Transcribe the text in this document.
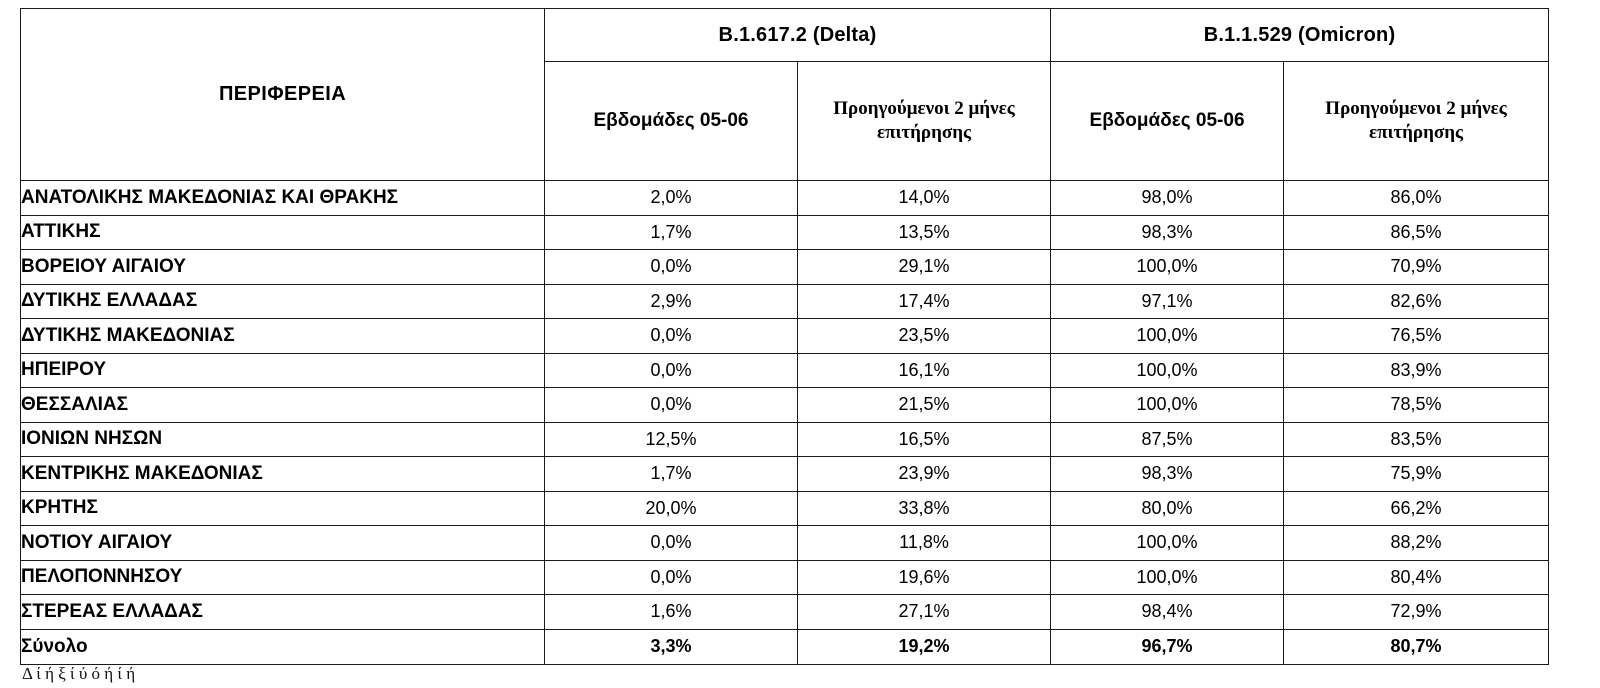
ΠΕΡΙΦΕΡΕΙΑ	B.1.617.2 (Delta)		B.1.1.529 (Omicron)	
	Εβδομάδες 05-06	Προηγούμενοι 2 μήνες επιτήρησης	Εβδομάδες 05-06	Προηγούμενοι 2 μήνες επιτήρησης
ΑΝΑΤΟΛΙΚΗΣ ΜΑΚΕΔΟΝΙΑΣ ΚΑΙ ΘΡΑΚΗΣ	2,0%	14,0%	98,0%	86,0%
ΑΤΤΙΚΗΣ	1,7%	13,5%	98,3%	86,5%
ΒΟΡΕΙΟΥ ΑΙΓΑΙΟΥ	0,0%	29,1%	100,0%	70,9%
ΔΥΤΙΚΗΣ ΕΛΛΑΔΑΣ	2,9%	17,4%	97,1%	82,6%
ΔΥΤΙΚΗΣ ΜΑΚΕΔΟΝΙΑΣ	0,0%	23,5%	100,0%	76,5%
ΗΠΕΙΡΟΥ	0,0%	16,1%	100,0%	83,9%
ΘΕΣΣΑΛΙΑΣ	0,0%	21,5%	100,0%	78,5%
ΙΟΝΙΩΝ ΝΗΣΩΝ	12,5%	16,5%	87,5%	83,5%
ΚΕΝΤΡΙΚΗΣ ΜΑΚΕΔΟΝΙΑΣ	1,7%	23,9%	98,3%	75,9%
ΚΡΗΤΗΣ	20,0%	33,8%	80,0%	66,2%
ΝΟΤΙΟΥ ΑΙΓΑΙΟΥ	0,0%	11,8%	100,0%	88,2%
ΠΕΛΟΠΟΝΝΗΣΟΥ	0,0%	19,6%	100,0%	80,4%
ΣΤΕΡΕΑΣ ΕΛΛΑΔΑΣ	1,6%	27,1%	98,4%	72,9%
Σύνολο	3,3%	19,2%	96,7%	80,7%
Δ ί ή ξ ί ύ ό ή ί ή
